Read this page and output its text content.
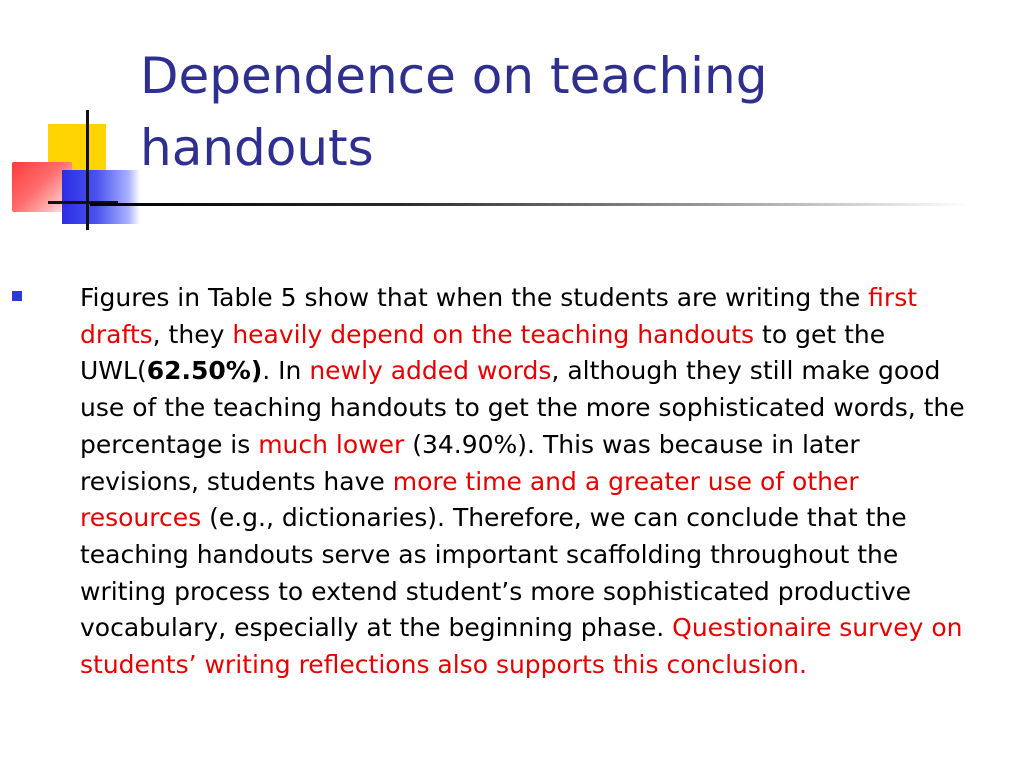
Dependence on teaching
handouts

Figures in Table 5 show that when the students are writing the first drafts, they heavily depend on the teaching handouts to get the UWL(62.50%). In newly added words, although they still make good use of the teaching handouts to get the more sophisticated words, the percentage is much lower (34.90%). This was because in later revisions, students have more time and a greater use of other resources (e.g., dictionaries). Therefore, we can conclude that the teaching handouts serve as important scaffolding throughout the writing process to extend student’s more sophisticated productive vocabulary, especially at the beginning phase. Questionaire survey on students’ writing reflections also supports this conclusion.
